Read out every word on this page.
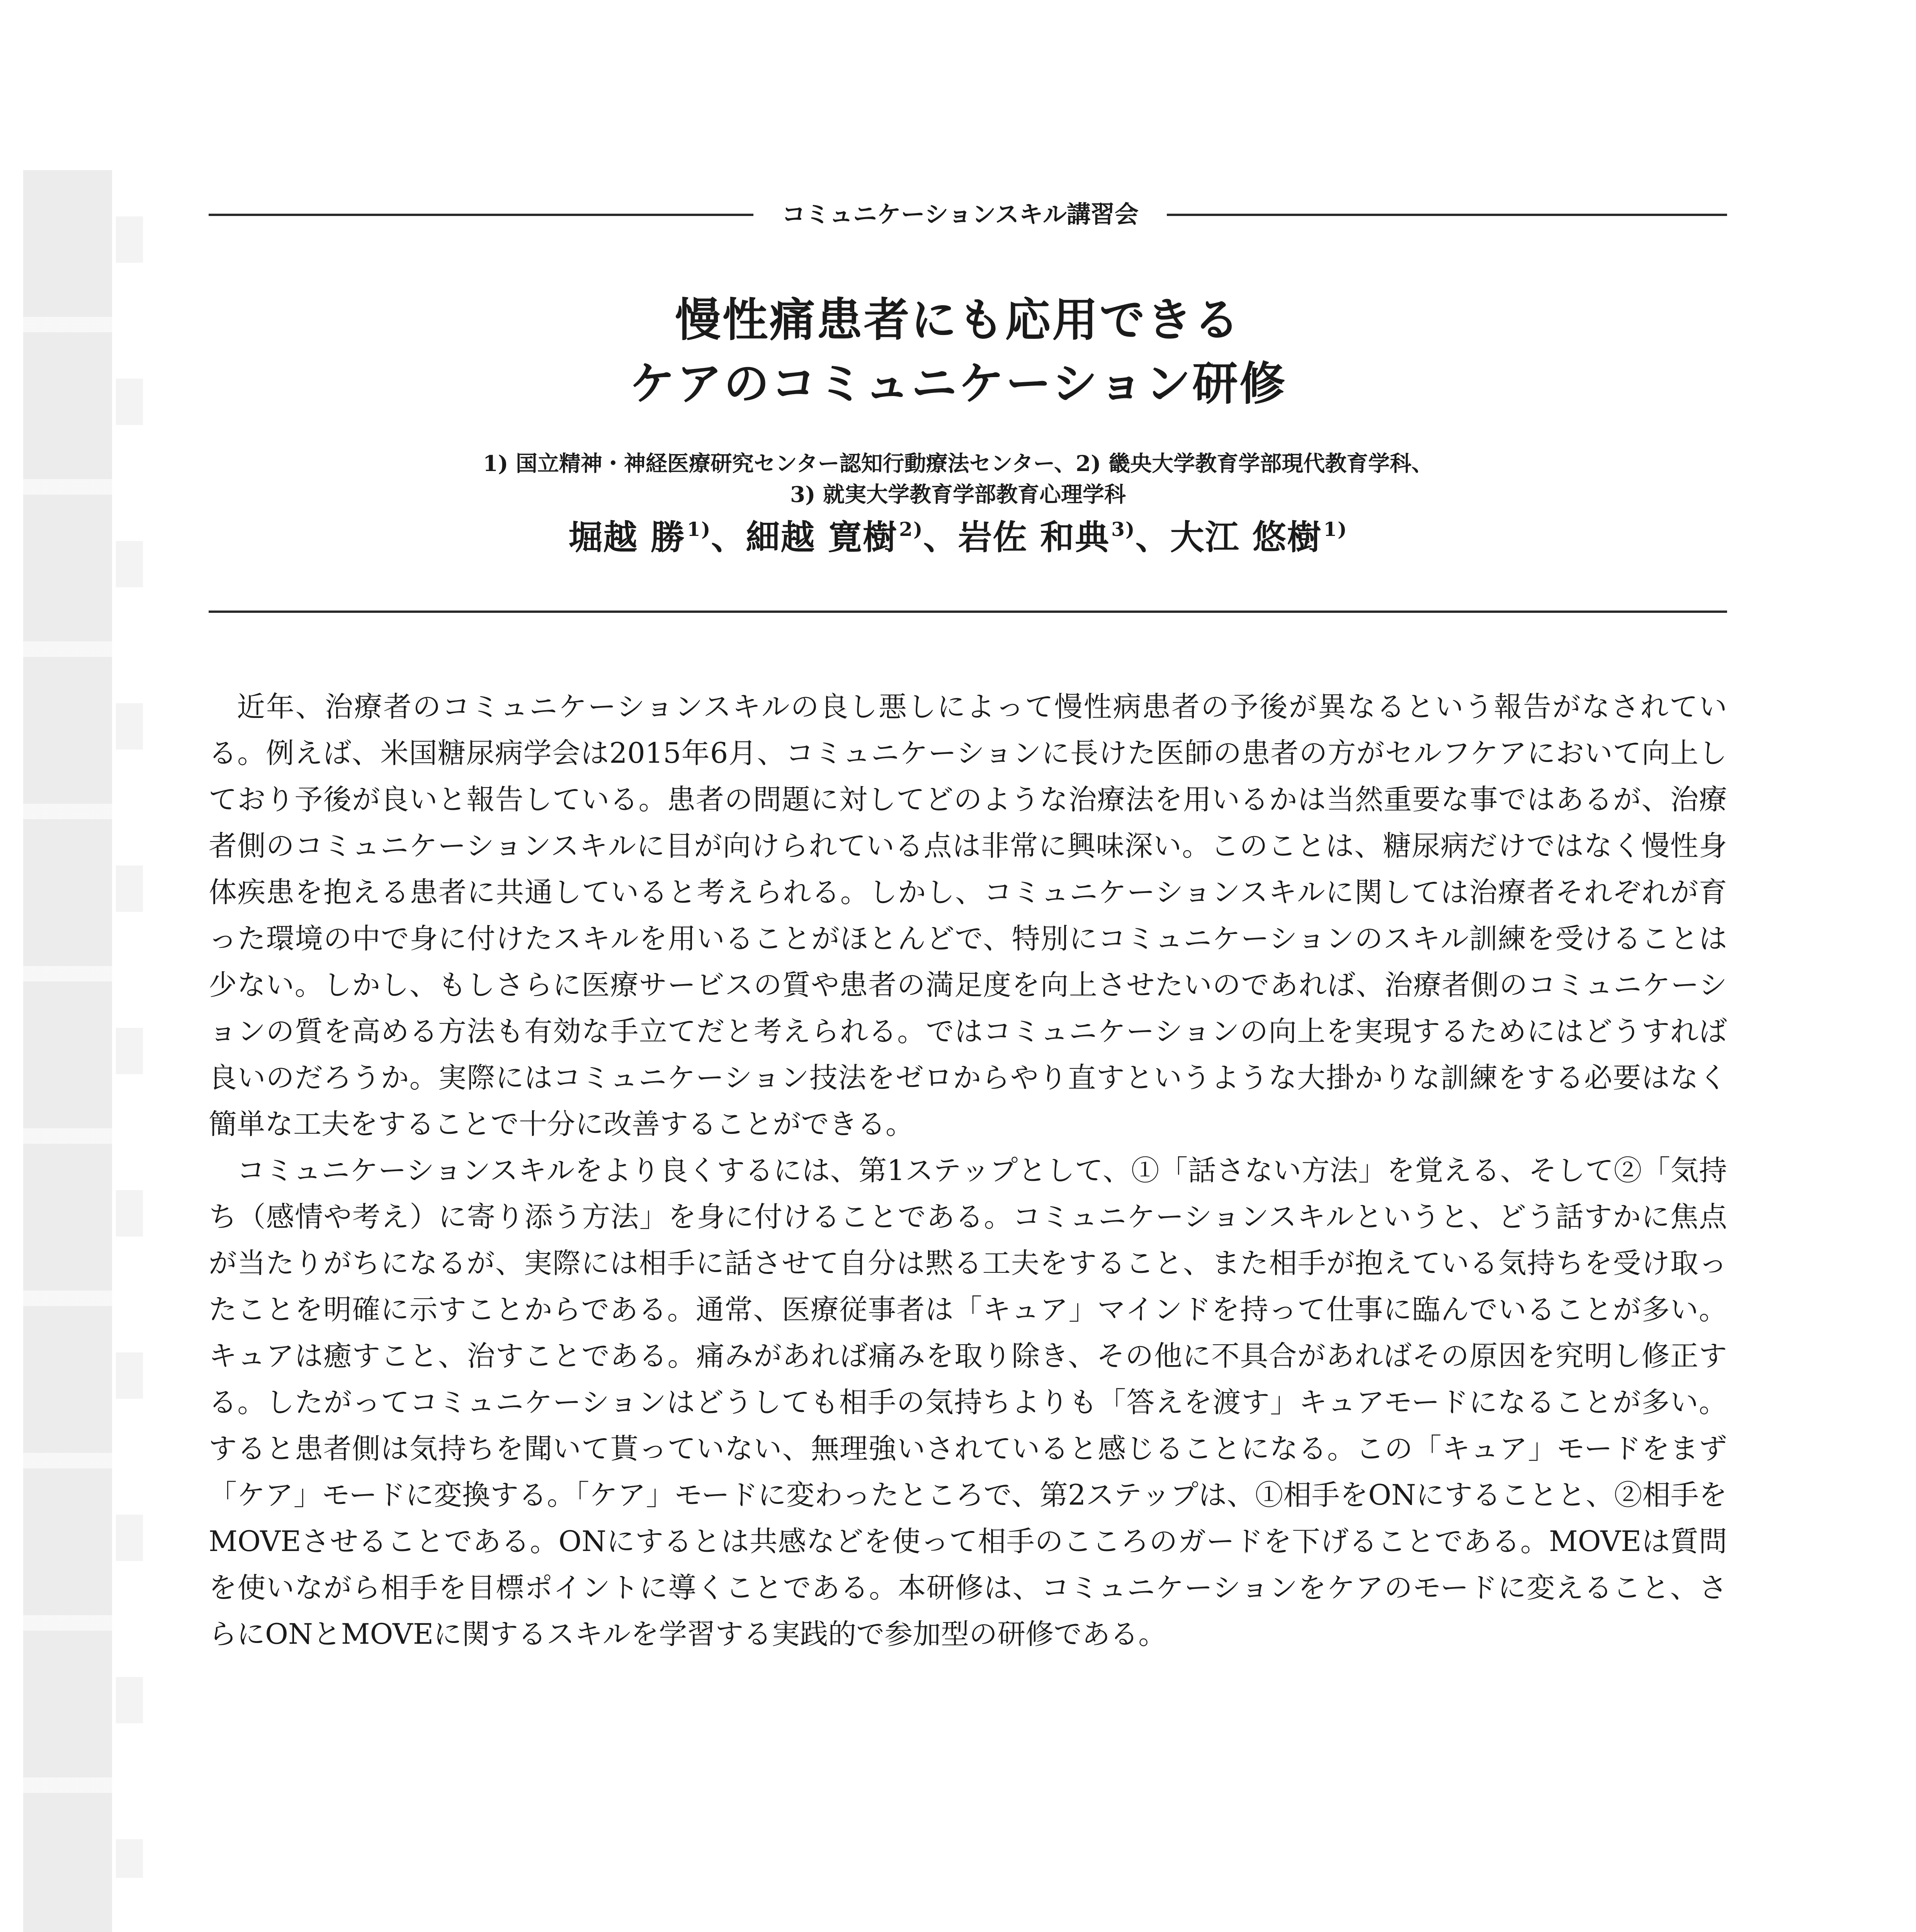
コミュニケーションスキル講習会
慢性痛患者にも応用できる
ケアのコミュニケーション研修
1) 国立精神・神経医療研究センター認知行動療法センター、2) 畿央大学教育学部現代教育学科、
3) 就実大学教育学部教育心理学科
堀越 勝$^{1)}$、細越 寛樹$^{2)}$、岩佐 和典$^{3)}$、大江 悠樹$^{1)}$

近年、治療者のコミュニケーションスキルの良し悪しによって慢性病患者の予後が異なるという報告がなされている。例えば、米国糖尿病学会は2015年6月、コミュニケーションに長けた医師の患者の方がセルフケアにおいて向上しており予後が良いと報告している。患者の問題に対してどのような治療法を用いるかは当然重要な事ではあるが、治療者側のコミュニケーションスキルに目が向けられている点は非常に興味深い。このことは、糖尿病だけではなく慢性身体疾患を抱える患者に共通していると考えられる。しかし、コミュニケーションスキルに関しては治療者それぞれが育った環境の中で身に付けたスキルを用いることがほとんどで、特別にコミュニケーションのスキル訓練を受けることは少ない。しかし、もしさらに医療サービスの質や患者の満足度を向上させたいのであれば、治療者側のコミュニケーションの質を高める方法も有効な手立てだと考えられる。ではコミュニケーションの向上を実現するためにはどうすれば良いのだろうか。実際にはコミュニケーション技法をゼロからやり直すというような大掛かりな訓練をする必要はなく簡単な工夫をすることで十分に改善することができる。

コミュニケーションスキルをより良くするには、第1ステップとして、①「話さない方法」を覚える、そして②「気持ち（感情や考え）に寄り添う方法」を身に付けることである。コミュニケーションスキルというと、どう話すかに焦点が当たりがちになるが、実際には相手に話させて自分は黙る工夫をすること、また相手が抱えている気持ちを受け取ったことを明確に示すことからである。通常、医療従事者は「キュア」マインドを持って仕事に臨んでいることが多い。キュアは癒すこと、治すことである。痛みがあれば痛みを取り除き、その他に不具合があればその原因を究明し修正する。したがってコミュニケーションはどうしても相手の気持ちよりも「答えを渡す」キュアモードになることが多い。すると患者側は気持ちを聞いて貰っていない、無理強いされていると感じることになる。この「キュア」モードをまず「ケア」モードに変換する。「ケア」モードに変わったところで、第2ステップは、①相手をONにすることと、②相手をMOVEさせることである。ONにするとは共感などを使って相手のこころのガードを下げることである。MOVEは質問を使いながら相手を目標ポイントに導くことである。本研修は、コミュニケーションをケアのモードに変えること、さらにONとMOVEに関するスキルを学習する実践的で参加型の研修である。
